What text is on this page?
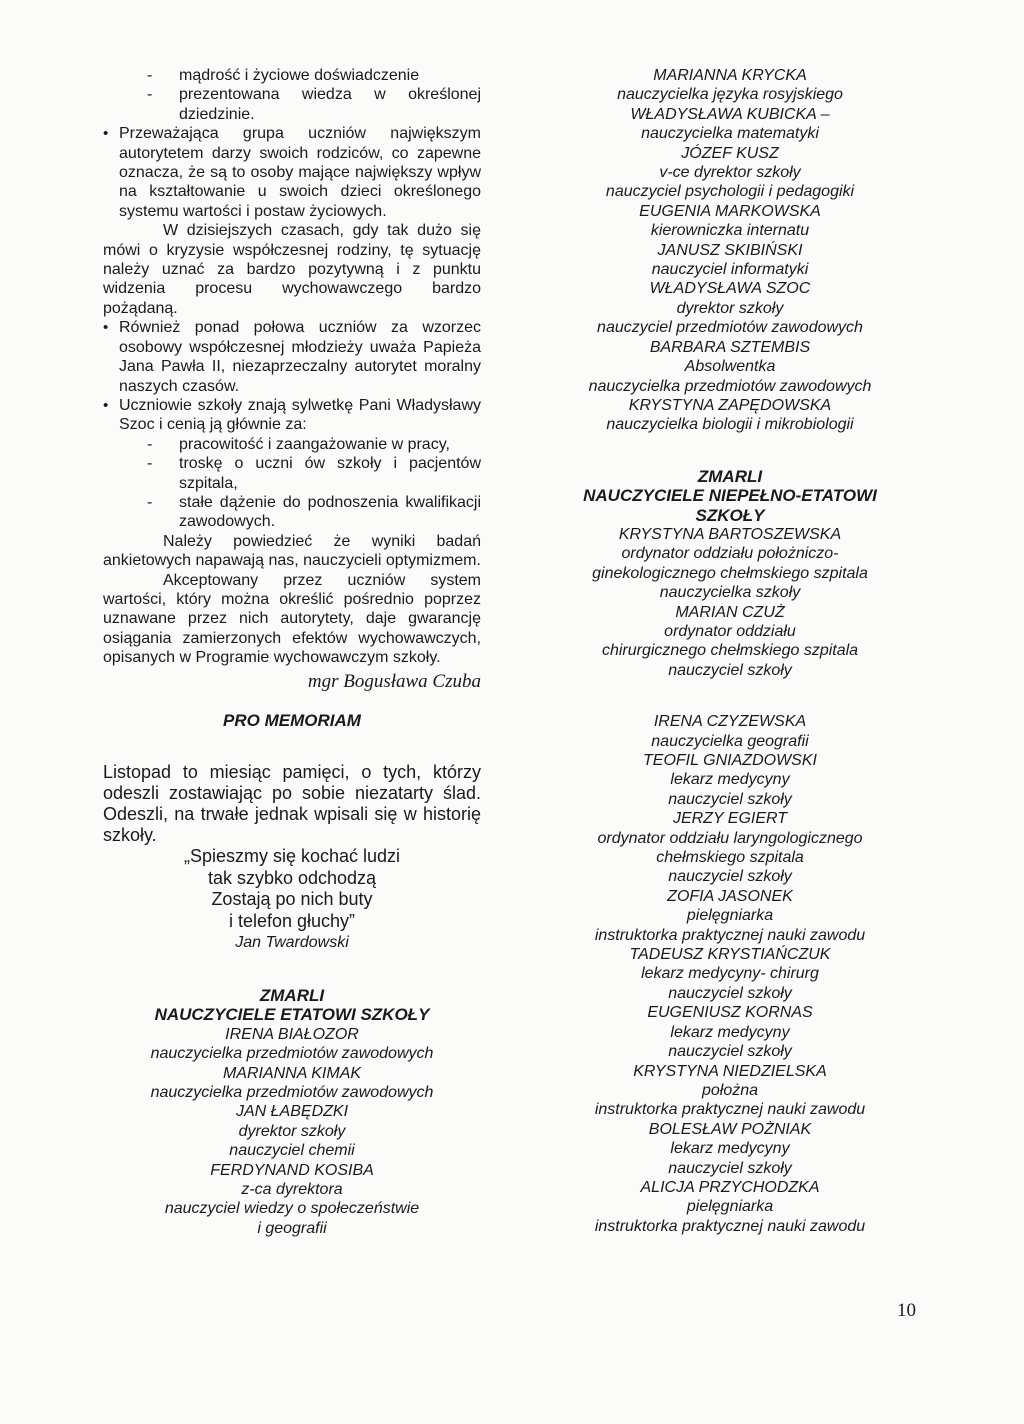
- mądrość i życiowe doświadczenie
- prezentowana wiedza w określonej dziedzinie.
• Przeważająca grupa uczniów największym autorytetem darzy swoich rodziców, co zapewne oznacza, że są to osoby mające największy wpływ na kształtowanie u swoich dzieci określonego systemu wartości i postaw życiowych.
W dzisiejszych czasach, gdy tak dużo się mówi o kryzysie współczesnej rodziny, tę sytuację należy uznać za bardzo pozytywną i z punktu widzenia procesu wychowawczego bardzo pożądaną.
• Również ponad połowa uczniów za wzorzec osobowy współczesnej młodzieży uważa Papieża Jana Pawła II, niezaprzeczalny autorytet moralny naszych czasów.
• Uczniowie szkoły znają sylwetkę Pani Władysławy Szoc i cenią ją głównie za:
- pracowitość i zaangażowanie w pracy,
- troskę o uczni ów szkoły i pacjentów szpitala,
- stałe dążenie do podnoszenia kwalifikacji zawodowych.
Należy powiedzieć że wyniki badań ankietowych napawają nas, nauczycieli optymizmem.
Akceptowany przez uczniów system wartości, który można określić pośrednio poprzez uznawane przez nich autorytety, daje gwarancję osiągania zamierzonych efektów wychowawczych, opisanych w Programie wychowawczym szkoły.
mgr Bogusława Czuba
PRO MEMORIAM
Listopad to miesiąc pamięci, o tych, którzy odeszli zostawiając po sobie niezatarty ślad. Odeszli, na trwałe jednak wpisali się w historię szkoły.
„Spieszmy się kochać ludzi
tak szybko odchodzą
Zostają po nich buty
i telefon głuchy”
Jan Twardowski
ZMARLI
NAUCZYCIELE ETATOWI SZKOŁY
IRENA BIAŁOZOR
nauczycielka przedmiotów zawodowych
MARIANNA KIMAK
nauczycielka przedmiotów zawodowych
JAN ŁABĘDZKI
dyrektor szkoły
nauczyciel chemii
FERDYNAND KOSIBA
z-ca dyrektora
nauczyciel wiedzy o społeczeństwie
i geografii
MARIANNA KRYCKA
nauczycielka języka rosyjskiego
WŁADYSŁAWA KUBICKA –
nauczycielka matematyki
JÓZEF KUSZ
v-ce dyrektor szkoły
nauczyciel psychologii i pedagogiki
EUGENIA MARKOWSKA
kierowniczka internatu
JANUSZ SKIBIŃSKI
nauczyciel informatyki
WŁADYSŁAWA SZOC
dyrektor szkoły
nauczyciel przedmiotów zawodowych
BARBARA SZTEMBIS
Absolwentka
nauczycielka przedmiotów zawodowych
KRYSTYNA ZAPĘDOWSKA
nauczycielka biologii i mikrobiologii
ZMARLI
NAUCZYCIELE NIEPEŁNO-ETATOWI
SZKOŁY
KRYSTYNA BARTOSZEWSKA
ordynator oddziału położniczo-
ginekologicznego chełmskiego szpitala
nauczycielka szkoły
MARIAN CZUŻ
ordynator oddziału
chirurgicznego chełmskiego szpitala
nauczyciel szkoły
IRENA CZYZEWSKA
nauczycielka geografii
TEOFIL GNIAZDOWSKI
lekarz medycyny
nauczyciel szkoły
JERZY EGIERT
ordynator oddziału laryngologicznego
chełmskiego szpitala
nauczyciel szkoły
ZOFIA JASONEK
pielęgniarka
instruktorka praktycznej nauki zawodu
TADEUSZ KRYSTIAŃCZUK
lekarz medycyny- chirurg
nauczyciel szkoły
EUGENIUSZ KORNAS
lekarz medycyny
nauczyciel szkoły
KRYSTYNA NIEDZIELSKA
położna
instruktorka praktycznej nauki zawodu
BOLESŁAW POŻNIAK
lekarz medycyny
nauczyciel szkoły
ALICJA PRZYCHODZKA
pielęgniarka
instruktorka praktycznej nauki zawodu
10
